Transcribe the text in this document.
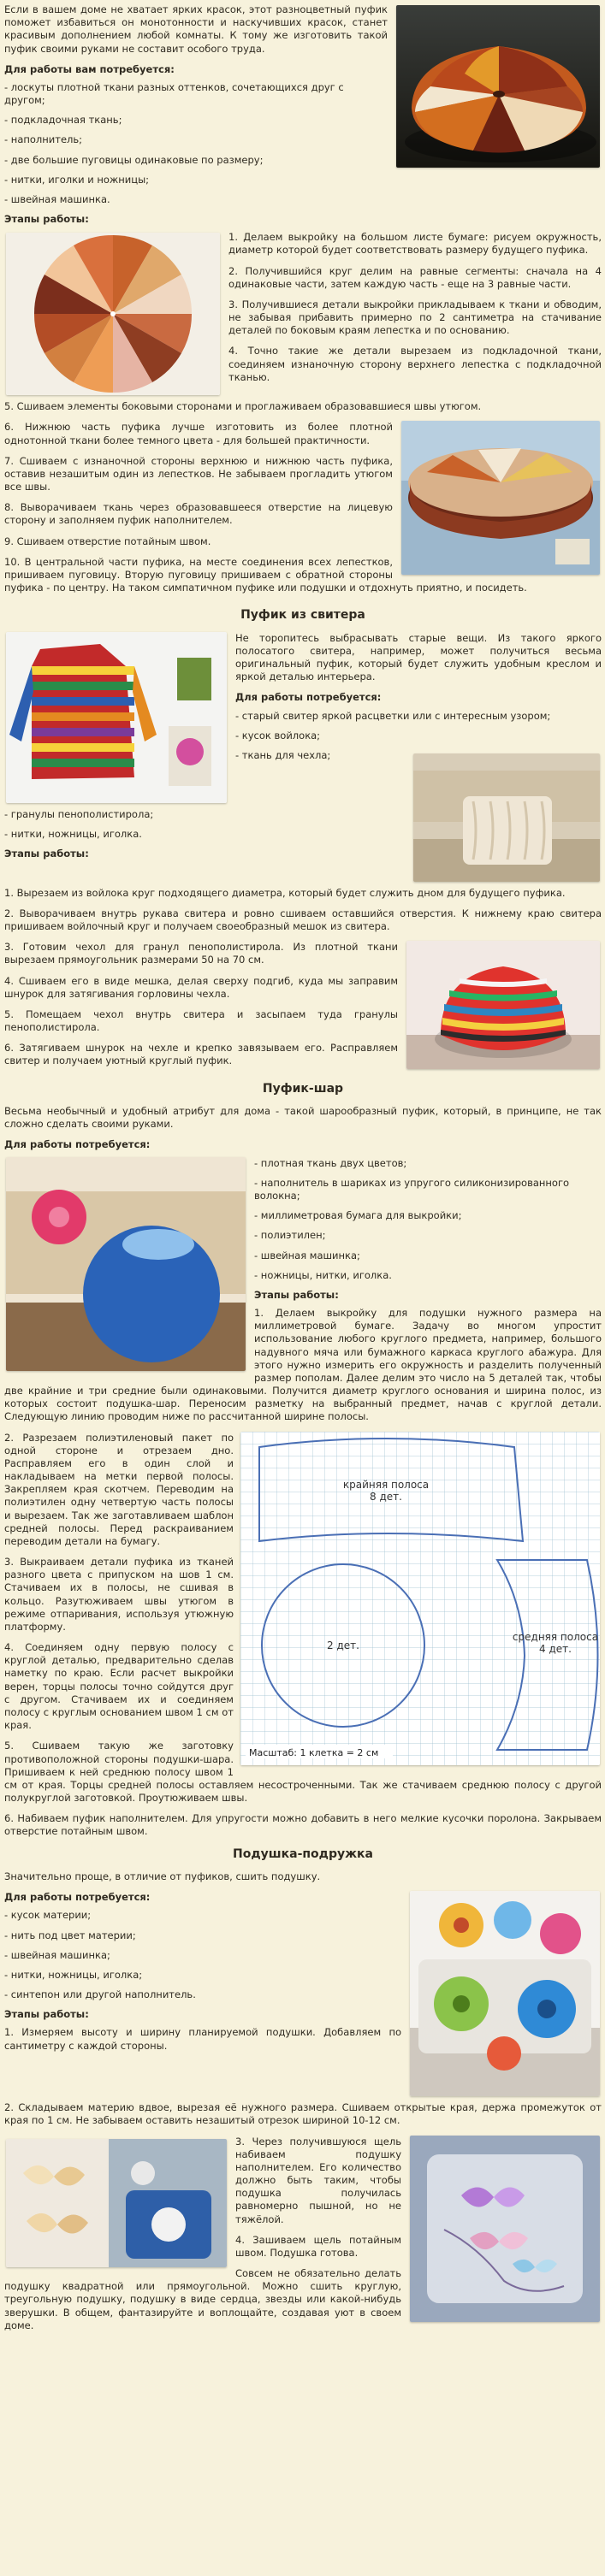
Если в вашем доме не хватает ярких красок, этот разноцветный пуфик поможет избавиться он монотонности и наскучивших красок, станет красивым дополнением любой комнаты. К тому же изготовить такой пуфик своими руками не составит особого труда.

Для работы вам потребуется:
- лоскуты плотной ткани разных оттенков, сочетающихся друг с другом;
- подкладочная ткань;
- наполнитель;
- две большие пуговицы одинаковые по размеру;
- нитки, иголки и ножницы;
- швейная машинка.
Этапы работы:

1. Делаем выкройку на большом листе бумаге: рисуем окружность, диаметр которой будет соответствовать размеру будущего пуфика.

2. Получившийся круг делим на равные сегменты: сначала на 4 одинаковые части, затем каждую часть - еще на 3 равные части.

3. Получившиеся детали выкройки прикладываем к ткани и обводим, не забывая прибавить примерно по 2 сантиметра на стачивание деталей по боковым краям лепестка и по основанию.

4. Точно такие же детали вырезаем из подкладочной ткани, соединяем изнаночную сторону верхнего лепестка с подкладочной тканью.

5. Сшиваем элементы боковыми сторонами и проглаживаем образовавшиеся швы утюгом.

6. Нижнюю часть пуфика лучше изготовить из более плотной однотонной ткани более темного цвета - для большей практичности.

7. Сшиваем с изнаночной стороны верхнюю и нижнюю часть пуфика, оставив незашитым один из лепестков. Не забываем прогладить утюгом все швы.

8. Выворачиваем ткань через образовавшееся отверстие на лицевую сторону и заполняем пуфик наполнителем.

9. Сшиваем отверстие потайным швом.

10. В центральной части пуфика, на месте соединения всех лепестков, пришиваем пуговицу. Вторую пуговицу пришиваем с обратной стороны пуфика - по центру. На таком симпатичном пуфике или подушки и отдохнуть приятно, и посидеть.

Пуфик из свитера

Не торопитесь выбрасывать старые вещи. Из такого яркого полосатого свитера, например, может получиться весьма оригинальный пуфик, который будет служить удобным креслом и яркой деталью интерьера.

Для работы потребуется:
- старый свитер яркой расцветки или с интересным узором;
- кусок войлока;
- ткань для чехла;
- гранулы пенополистирола;
- нитки, ножницы, иголка.
Этапы работы:

1. Вырезаем из войлока круг подходящего диаметра, который будет служить дном для будущего пуфика.

2. Выворачиваем внутрь рукава свитера и ровно сшиваем оставшийся отверстия. К нижнему краю свитера пришиваем войлочный круг и получаем своеобразный мешок из свитера.

3. Готовим чехол для гранул пенополистирола. Из плотной ткани вырезаем прямоугольник размерами 50 на 70 см.

4. Сшиваем его в виде мешка, делая сверху подгиб, куда мы заправим шнурок для затягивания горловины чехла.

5. Помещаем чехол внутрь свитера и засыпаем туда гранулы пенополистирола.

6. Затягиваем шнурок на чехле и крепко завязываем его. Расправляем свитер и получаем уютный круглый пуфик.

Пуфик-шар

Весьма необычный и удобный атрибут для дома - такой шарообразный пуфик, который, в принципе, не так сложно сделать своими руками.

Для работы потребуется:
- плотная ткань двух цветов;
- наполнитель в шариках из упругого силиконизированного волокна;
- миллиметровая бумага для выкройки;
- полиэтилен;
- швейная машинка;
- ножницы, нитки, иголка.
Этапы работы:

1. Делаем выкройку для подушки нужного размера на миллиметровой бумаге. Задачу во многом упростит использование любого круглого предмета, например, большого надувного мяча или бумажного каркаса круглого абажура. Для этого нужно измерить его окружность и разделить полученный размер пополам. Далее делим это число на 5 деталей так, чтобы две крайние и три средние были одинаковыми. Получится диаметр круглого основания и ширина полос, из которых состоит подушка-шар. Переносим разметку на выбранный предмет, начав с круглой детали. Следующую линию проводим ниже по рассчитанной ширине полосы.

крайняя полоса
8 дет.
2 дет.
средняя полоса
4 дет.
Масштаб: 1 клетка = 2 см

2. Разрезаем полиэтиленовый пакет по одной стороне и отрезаем дно. Расправляем его в один слой и накладываем на метки первой полосы. Закрепляем края скотчем. Переводим на полиэтилен одну четвертую часть полосы и вырезаем. Так же заготавливаем шаблон средней полосы. Перед раскраиванием переводим детали на бумагу.

3. Выкраиваем детали пуфика из тканей разного цвета с припуском на шов 1 см. Стачиваем их в полосы, не сшивая в кольцо. Разутюживаем швы утюгом в режиме отпаривания, используя утюжную платформу.

4. Соединяем одну первую полосу с круглой деталью, предварительно сделав наметку по краю. Если расчет выкройки верен, торцы полосы точно сойдутся друг с другом. Стачиваем их и соединяем полосу с круглым основанием швом 1 см от края.

5. Сшиваем такую же заготовку противоположной стороны подушки-шара. Пришиваем к ней среднюю полосу швом 1 см от края. Торцы средней полосы оставляем несостроченными. Так же стачиваем среднюю полосу с другой полукруглой заготовкой. Проутюживаем швы.

6. Набиваем пуфик наполнителем. Для упругости можно добавить в него мелкие кусочки поролона. Закрываем отверстие потайным швом.

Подушка-подружка

Значительно проще, в отличие от пуфиков, сшить подушку.

Для работы потребуется:
- кусок материи;
- нить под цвет материи;
- швейная машинка;
- нитки, ножницы, иголка;
- синтепон или другой наполнитель.
Этапы работы:

1. Измеряем высоту и ширину планируемой подушки. Добавляем по сантиметру с каждой стороны.

2. Складываем материю вдвое, вырезая её нужного размера. Сшиваем открытые края, держа промежуток от края по 1 см. Не забываем оставить незашитый отрезок шириной 10-12 см.

3. Через получившуюся щель набиваем подушку наполнителем. Его количество должно быть таким, чтобы подушка получилась равномерно пышной, но не тяжёлой.

4. Зашиваем щель потайным швом. Подушка готова.

Совсем не обязательно делать подушку квадратной или прямоугольной. Можно сшить круглую, треугольную подушку, подушку в виде сердца, звезды или какой-нибудь зверушки. В общем, фантазируйте и воплощайте, создавая уют в своем доме.
